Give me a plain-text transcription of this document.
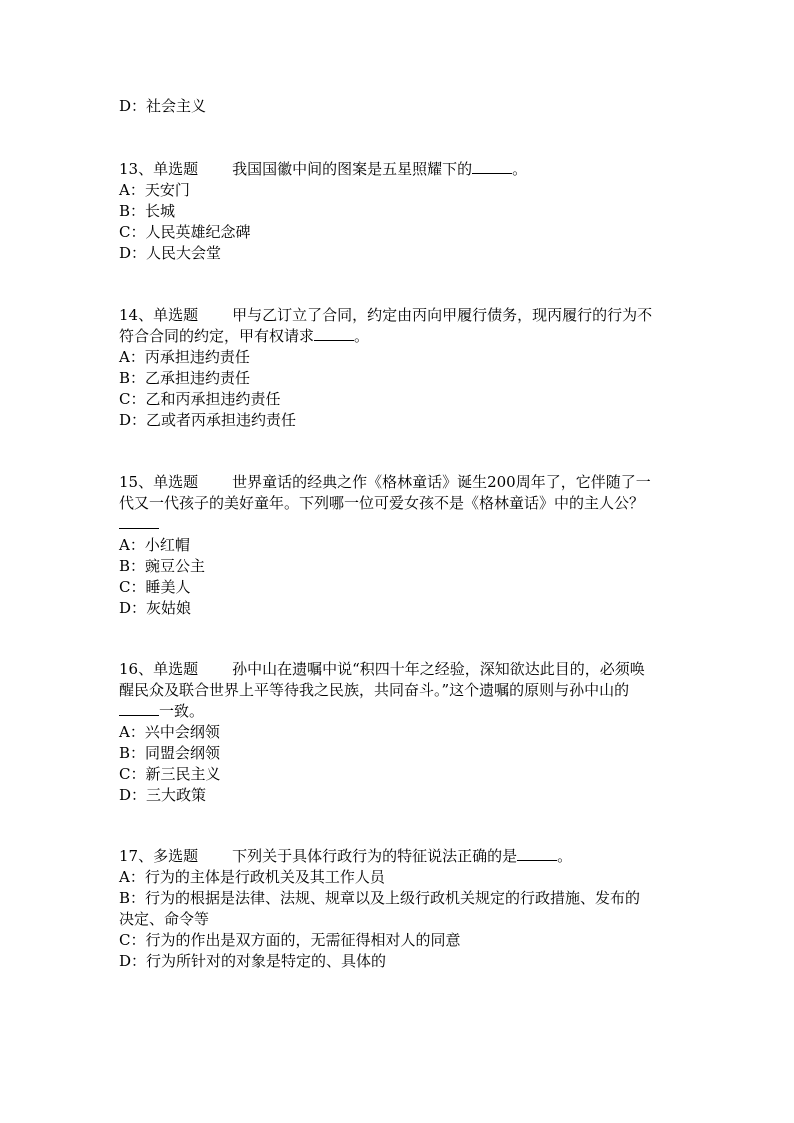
D：社会主义
13、单选题 我国国徽中间的图案是五星照耀下的	。
A：天安门
B：长城
C：人民英雄纪念碑
D：人民大会堂
14、单选题 甲与乙订立了合同，约定由丙向甲履行债务，现丙履行的行为不
符合合同的约定，甲有权请求	。
A：丙承担违约责任
B：乙承担违约责任
C：乙和丙承担违约责任
D：乙或者丙承担违约责任
15、单选题 世界童话的经典之作《格林童话》诞生200周年了，它伴随了一
代又一代孩子的美好童年。下列哪一位可爱女孩不是《格林童话》中的主人公？
A：小红帽
B：豌豆公主
C：睡美人
D：灰姑娘
16、单选题 孙中山在遗嘱中说“积四十年之经验，深知欲达此目的，必须唤
醒民众及联合世界上平等待我之民族，共同奋斗。”这个遗嘱的原则与孙中山的
一致。
A：兴中会纲领
B：同盟会纲领
C：新三民主义
D：三大政策
17、多选题 下列关于具体行政行为的特征说法正确的是	。
A：行为的主体是行政机关及其工作人员
B：行为的根据是法律、法规、规章以及上级行政机关规定的行政措施、发布的
决定、命令等
C：行为的作出是双方面的，无需征得相对人的同意
D：行为所针对的对象是特定的、具体的
